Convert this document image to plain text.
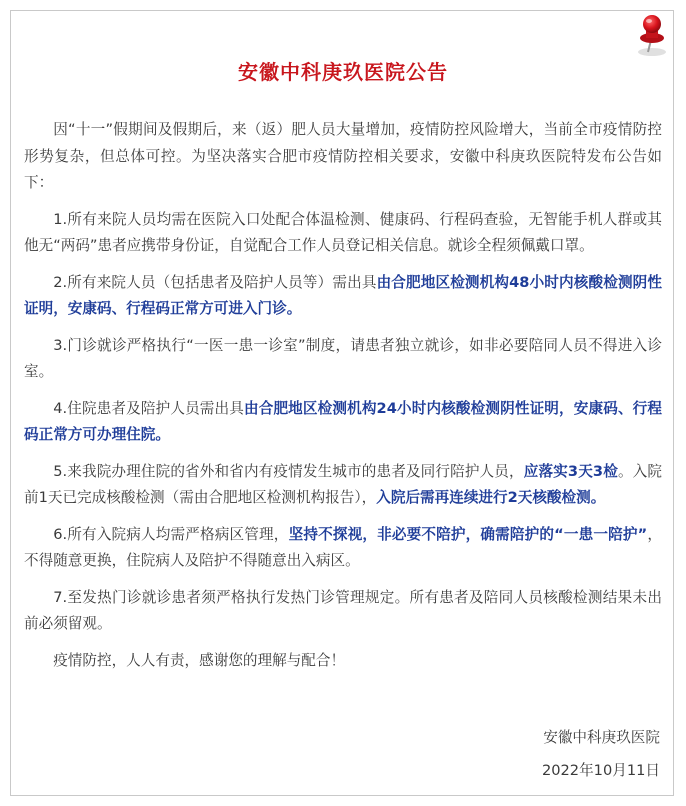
安徽中科庚玖医院公告

因“十一”假期间及假期后，来（返）肥人员大量增加，疫情防控风险增大，当前全市疫情防控形势复杂，但总体可控。为坚决落实合肥市疫情防控相关要求，安徽中科庚玖医院特发布公告如下：

1.所有来院人员均需在医院入口处配合体温检测、健康码、行程码查验，无智能手机人群或其他无“两码”患者应携带身份证，自觉配合工作人员登记相关信息。就诊全程须佩戴口罩。

2.所有来院人员（包括患者及陪护人员等）需出具由合肥地区检测机构48小时内核酸检测阴性证明，安康码、行程码正常方可进入门诊。

3.门诊就诊严格执行“一医一患一诊室”制度，请患者独立就诊，如非必要陪同人员不得进入诊室。

4.住院患者及陪护人员需出具由合肥地区检测机构24小时内核酸检测阴性证明，安康码、行程码正常方可办理住院。

5.来我院办理住院的省外和省内有疫情发生城市的患者及同行陪护人员，应落实3天3检。入院前1天已完成核酸检测（需由合肥地区检测机构报告），入院后需再连续进行2天核酸检测。

6.所有入院病人均需严格病区管理，坚持不探视，非必要不陪护，确需陪护的“一患一陪护”，不得随意更换，住院病人及陪护不得随意出入病区。

7.至发热门诊就诊患者须严格执行发热门诊管理规定。所有患者及陪同人员核酸检测结果未出前必须留观。

疫情防控，人人有责，感谢您的理解与配合！

安徽中科庚玖医院
2022年10月11日
